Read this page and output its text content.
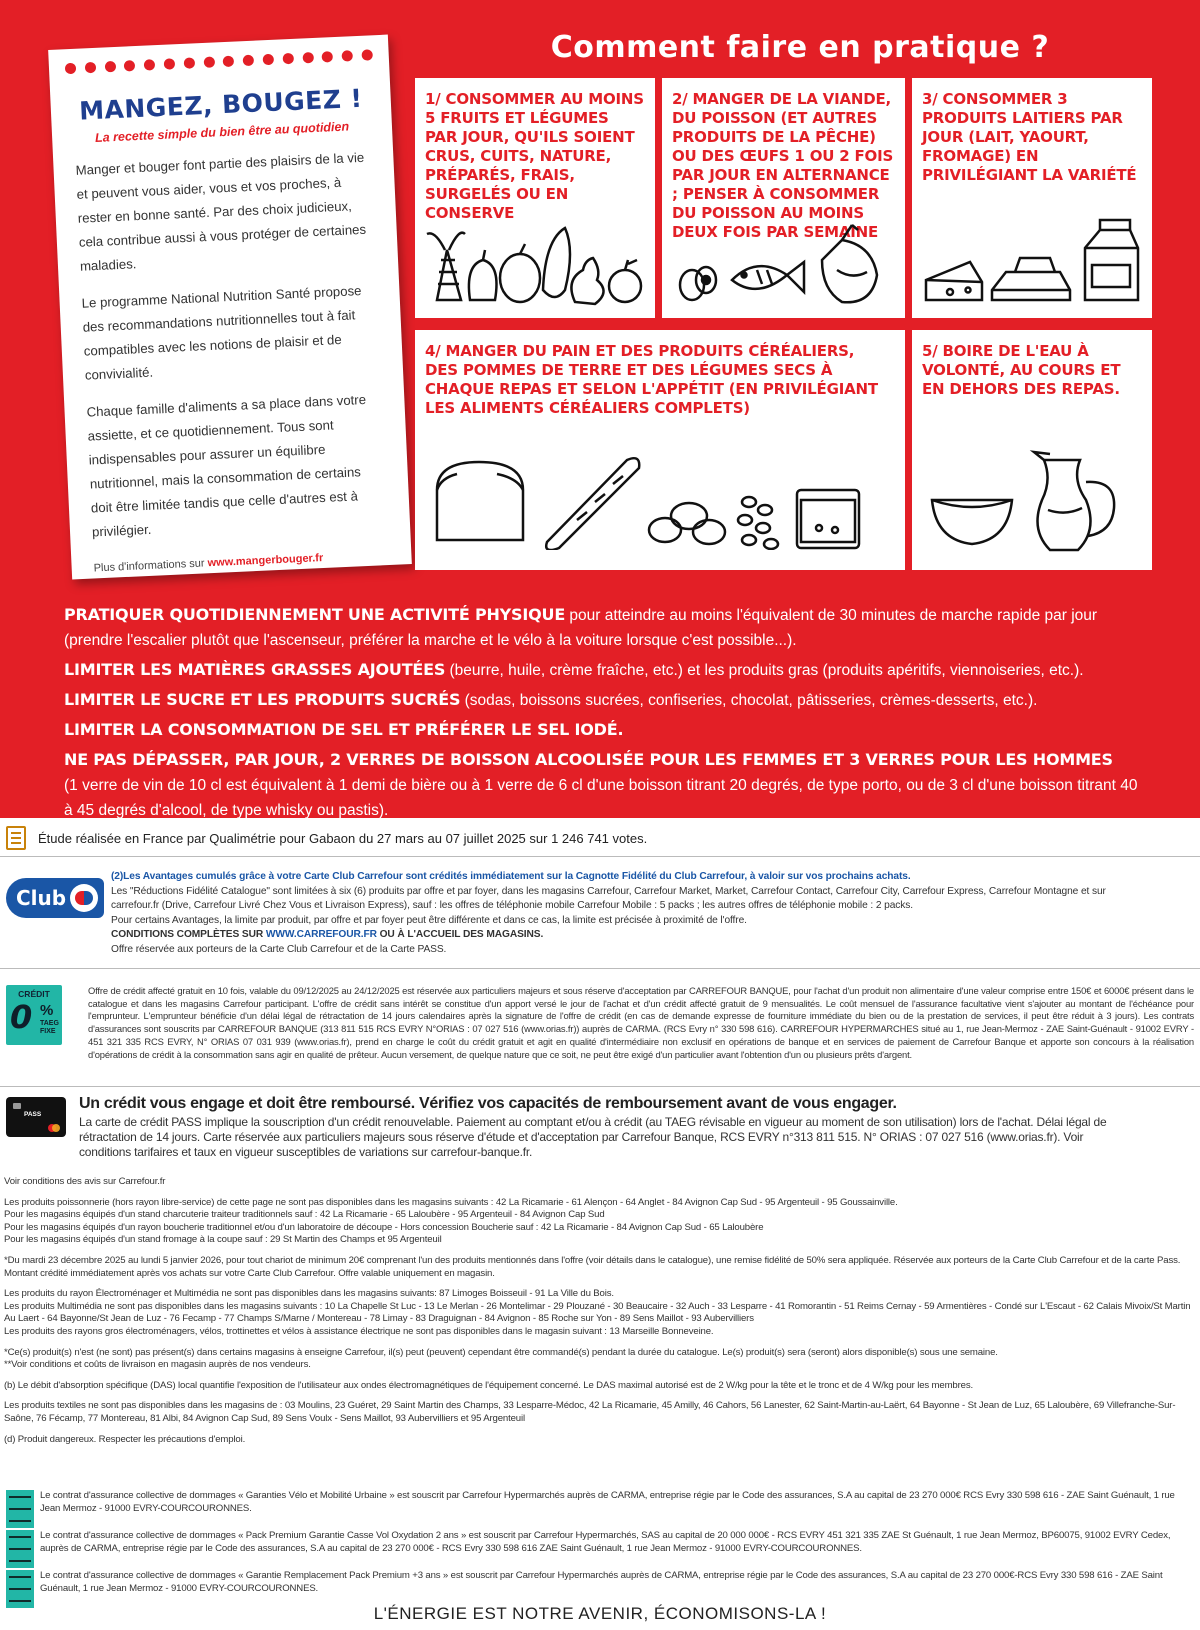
Comment faire en pratique ?
MANGEZ, BOUGEZ !
La recette simple du bien être au quotidien

Manger et bouger font partie des plaisirs de la vie et peuvent vous aider, vous et vos proches, à rester en bonne santé. Par des choix judicieux, cela contribue aussi à vous protéger de certaines maladies.

Le programme National Nutrition Santé propose des recommandations nutritionnelles tout à fait compatibles avec les notions de plaisir et de convivialité.

Chaque famille d'aliments a sa place dans votre assiette, et ce quotidiennement. Tous sont indispensables pour assurer un équilibre nutritionnel, mais la consommation de certains doit être limitée tandis que celle d'autres est à privilégier.

Plus d'informations sur www.mangerbouger.fr

1/ CONSOMMER AU MOINS 5 FRUITS ET LÉGUMES PAR JOUR, QU'ILS SOIENT CRUS, CUITS, NATURE, PRÉPARÉS, FRAIS, SURGELÉS OU EN CONSERVE
2/ MANGER DE LA VIANDE, DU POISSON (ET AUTRES PRODUITS DE LA PÊCHE) OU DES ŒUFS 1 OU 2 FOIS PAR JOUR EN ALTERNANCE ; PENSER À CONSOMMER DU POISSON AU MOINS DEUX FOIS PAR SEMAINE
3/ CONSOMMER 3 PRODUITS LAITIERS PAR JOUR (LAIT, YAOURT, FROMAGE) EN PRIVILÉGIANT LA VARIÉTÉ
4/ MANGER DU PAIN ET DES PRODUITS CÉRÉALIERS, DES POMMES DE TERRE ET DES LÉGUMES SECS À CHAQUE REPAS ET SELON L'APPÉTIT (EN PRIVILÉGIANT LES ALIMENTS CÉRÉALIERS COMPLETS)
5/ BOIRE DE L'EAU À VOLONTÉ, AU COURS ET EN DEHORS DES REPAS.
PRATIQUER QUOTIDIENNEMENT UNE ACTIVITÉ PHYSIQUE pour atteindre au moins l'équivalent de 30 minutes de marche rapide par jour (prendre l'escalier plutôt que l'ascenseur, préférer la marche et le vélo à la voiture lorsque c'est possible...).
LIMITER LES MATIÈRES GRASSES AJOUTÉES (beurre, huile, crème fraîche, etc.) et les produits gras (produits apéritifs, viennoiseries, etc.).
LIMITER LE SUCRE ET LES PRODUITS SUCRÉS (sodas, boissons sucrées, confiseries, chocolat, pâtisseries, crèmes-desserts, etc.).
LIMITER LA CONSOMMATION DE SEL ET PRÉFÉRER LE SEL IODÉ.
NE PAS DÉPASSER, PAR JOUR, 2 VERRES DE BOISSON ALCOOLISÉE POUR LES FEMMES ET 3 VERRES POUR LES HOMMES
(1 verre de vin de 10 cl est équivalent à 1 demi de bière ou à 1 verre de 6 cl d'une boisson titrant 20 degrés, de type porto, ou de 3 cl d'une boisson titrant 40 à 45 degrés d'alcool, de type whisky ou pastis).
Étude réalisée en France par Qualimétrie pour Gabaon du 27 mars au 07 juillet 2025 sur 1 246 741 votes.
Club
(2)Les Avantages cumulés grâce à votre Carte Club Carrefour sont crédités immédiatement sur la Cagnotte Fidélité du Club Carrefour, à valoir sur vos prochains achats.
Les "Réductions Fidélité Catalogue" sont limitées à six (6) produits par offre et par foyer, dans les magasins Carrefour, Carrefour Market, Market, Carrefour Contact, Carrefour City, Carrefour Express, Carrefour Montagne et sur
carrefour.fr (Drive, Carrefour Livré Chez Vous et Livraison Express), sauf : les offres de téléphonie mobile Carrefour Mobile : 5 packs ; les autres offres de téléphonie mobile : 2 packs.
Pour certains Avantages, la limite par produit, par offre et par foyer peut être différente et dans ce cas, la limite est précisée à proximité de l'offre.
CONDITIONS COMPLÈTES SUR WWW.CARREFOUR.FR OU À L'ACCUEIL DES MAGASINS.
Offre réservée aux porteurs de la Carte Club Carrefour et de la Carte PASS.
CRÉDIT
0 %
TAEG FIXE
Offre de crédit affecté gratuit en 10 fois, valable du 09/12/2025 au 24/12/2025 est réservée aux particuliers majeurs et sous réserve d'acceptation par CARREFOUR BANQUE, pour l'achat d'un produit non alimentaire d'une valeur comprise entre 150€ et 6000€ présent dans le catalogue et dans les magasins Carrefour participant. L'offre de crédit sans intérêt se constitue d'un apport versé le jour de l'achat et d'un crédit affecté gratuit de 9 mensualités. Le coût mensuel de l'assurance facultative vient s'ajouter au montant de l'échéance pour l'emprunteur. L'emprunteur bénéficie d'un délai légal de rétractation de 14 jours calendaires après la signature de l'offre de crédit (en cas de demande expresse de fourniture immédiate du bien ou de la prestation de services, il peut être réduit à 3 jours). Les contrats d'assurances sont souscrits par CARREFOUR BANQUE (313 811 515 RCS EVRY N°ORIAS : 07 027 516 (www.orias.fr)) auprès de CARMA. (RCS Evry n° 330 598 616). CARREFOUR HYPERMARCHES situé au 1, rue Jean-Mermoz - ZAE Saint-Guénault - 91002 EVRY - 451 321 335 RCS EVRY, N° ORIAS 07 031 939 (www.orias.fr), prend en charge le coût du crédit gratuit et agit en qualité d'intermédiaire non exclusif en opérations de banque et en services de paiement de Carrefour Banque et apporte son concours à la réalisation d'opérations de crédit à la consommation sans agir en qualité de prêteur. Aucun versement, de quelque nature que ce soit, ne peut être exigé d'un particulier avant l'obtention d'un ou plusieurs prêts d'argent.
PASS
Un crédit vous engage et doit être remboursé. Vérifiez vos capacités de remboursement avant de vous engager.
La carte de crédit PASS implique la souscription d'un crédit renouvelable. Paiement au comptant et/ou à crédit (au TAEG révisable en vigueur au moment de son utilisation) lors de l'achat. Délai légal de rétractation de 14 jours. Carte réservée aux particuliers majeurs sous réserve d'étude et d'acceptation par Carrefour Banque, RCS EVRY n°313 811 515. N° ORIAS : 07 027 516 (www.orias.fr). Voir conditions tarifaires et taux en vigueur susceptibles de variations sur carrefour-banque.fr.
Voir conditions des avis sur Carrefour.fr
Les produits poissonnerie (hors rayon libre-service) de cette page ne sont pas disponibles dans les magasins suivants : 42 La Ricamarie - 61 Alençon - 64 Anglet - 84 Avignon Cap Sud - 95 Argenteuil - 95 Goussainville.
Pour les magasins équipés d'un stand charcuterie traiteur traditionnels sauf : 42 La Ricamarie - 65 Laloubère - 95 Argenteuil - 84 Avignon Cap Sud
Pour les magasins équipés d'un rayon boucherie traditionnel et/ou d'un laboratoire de découpe - Hors concession Boucherie sauf : 42 La Ricamarie - 84 Avignon Cap Sud - 65 Laloubère
Pour les magasins équipés d'un stand fromage à la coupe sauf : 29 St Martin des Champs et 95 Argenteuil
*Du mardi 23 décembre 2025 au lundi 5 janvier 2026, pour tout chariot de minimum 20€ comprenant l'un des produits mentionnés dans l'offre (voir détails dans le catalogue), une remise fidélité de 50% sera appliquée. Réservée aux porteurs de la Carte Club Carrefour et de la carte Pass. Montant crédité immédiatement après vos achats sur votre Carte Club Carrefour. Offre valable uniquement en magasin.
Les produits du rayon Électroménager et Multimédia ne sont pas disponibles dans les magasins suivants: 87 Limoges Boisseuil - 91 La Ville du Bois.
Les produits Multimédia ne sont pas disponibles dans les magasins suivants : 10 La Chapelle St Luc - 13 Le Merlan - 26 Montelimar - 29 Plouzané - 30 Beaucaire - 32 Auch - 33 Lesparre - 41 Romorantin - 51 Reims Cernay - 59 Armentières - Condé sur L'Escaut - 62 Calais Mivoix/St Martin Au Laert - 64 Bayonne/St Jean de Luz - 76 Fecamp - 77 Champs S/Marne / Montereau - 78 Limay - 83 Draguignan - 84 Avignon - 85 Roche sur Yon - 89 Sens Maillot - 93 Aubervilliers
Les produits des rayons gros électroménagers, vélos, trottinettes et vélos à assistance électrique ne sont pas disponibles dans le magasin suivant : 13 Marseille Bonneveine.
*Ce(s) produit(s) n'est (ne sont) pas présent(s) dans certains magasins à enseigne Carrefour, il(s) peut (peuvent) cependant être commandé(s) pendant la durée du catalogue. Le(s) produit(s) sera (seront) alors disponible(s) sous une semaine.
**Voir conditions et coûts de livraison en magasin auprès de nos vendeurs.
(b) Le débit d'absorption spécifique (DAS) local quantifie l'exposition de l'utilisateur aux ondes électromagnétiques de l'équipement concerné. Le DAS maximal autorisé est de 2 W/kg pour la tête et le tronc et de 4 W/kg pour les membres.
Les produits textiles ne sont pas disponibles dans les magasins de : 03 Moulins, 23 Guéret, 29 Saint Martin des Champs, 33 Lesparre-Médoc, 42 La Ricamarie, 45 Amilly, 46 Cahors, 56 Lanester, 62 Saint-Martin-au-Laërt, 64 Bayonne - St Jean de Luz, 65 Laloubère, 69 Villefranche-Sur-Saône, 76 Fécamp, 77 Montereau, 81 Albi, 84 Avignon Cap Sud, 89 Sens Voulx - Sens Maillot, 93 Aubervilliers et 95 Argenteuil
(d) Produit dangereux. Respecter les précautions d'emploi.
Le contrat d'assurance collective de dommages « Garanties Vélo et Mobilité Urbaine » est souscrit par Carrefour Hypermarchés auprès de CARMA, entreprise régie par le Code des assurances, S.A au capital de 23 270 000€ RCS Evry 330 598 616 - ZAE Saint Guénault, 1 rue Jean Mermoz - 91000 EVRY-COURCOURONNES.
Le contrat d'assurance collective de dommages « Pack Premium Garantie Casse Vol Oxydation 2 ans » est souscrit par Carrefour Hypermarchés, SAS au capital de 20 000 000€ - RCS EVRY 451 321 335 ZAE St Guénault, 1 rue Jean Mermoz, BP60075, 91002 EVRY Cedex, auprès de CARMA, entreprise régie par le Code des assurances, S.A au capital de 23 270 000€ - RCS Evry 330 598 616 ZAE Saint Guénault, 1 rue Jean Mermoz - 91000 EVRY-COURCOURONNES.
Le contrat d'assurance collective de dommages « Garantie Remplacement Pack Premium +3 ans » est souscrit par Carrefour Hypermarchés auprès de CARMA, entreprise régie par le Code des assurances, S.A au capital de 23 270 000€-RCS Evry 330 598 616 - ZAE Saint Guénault, 1 rue Jean Mermoz - 91000 EVRY-COURCOURONNES.
L'ÉNERGIE EST NOTRE AVENIR, ÉCONOMISONS-LA !
